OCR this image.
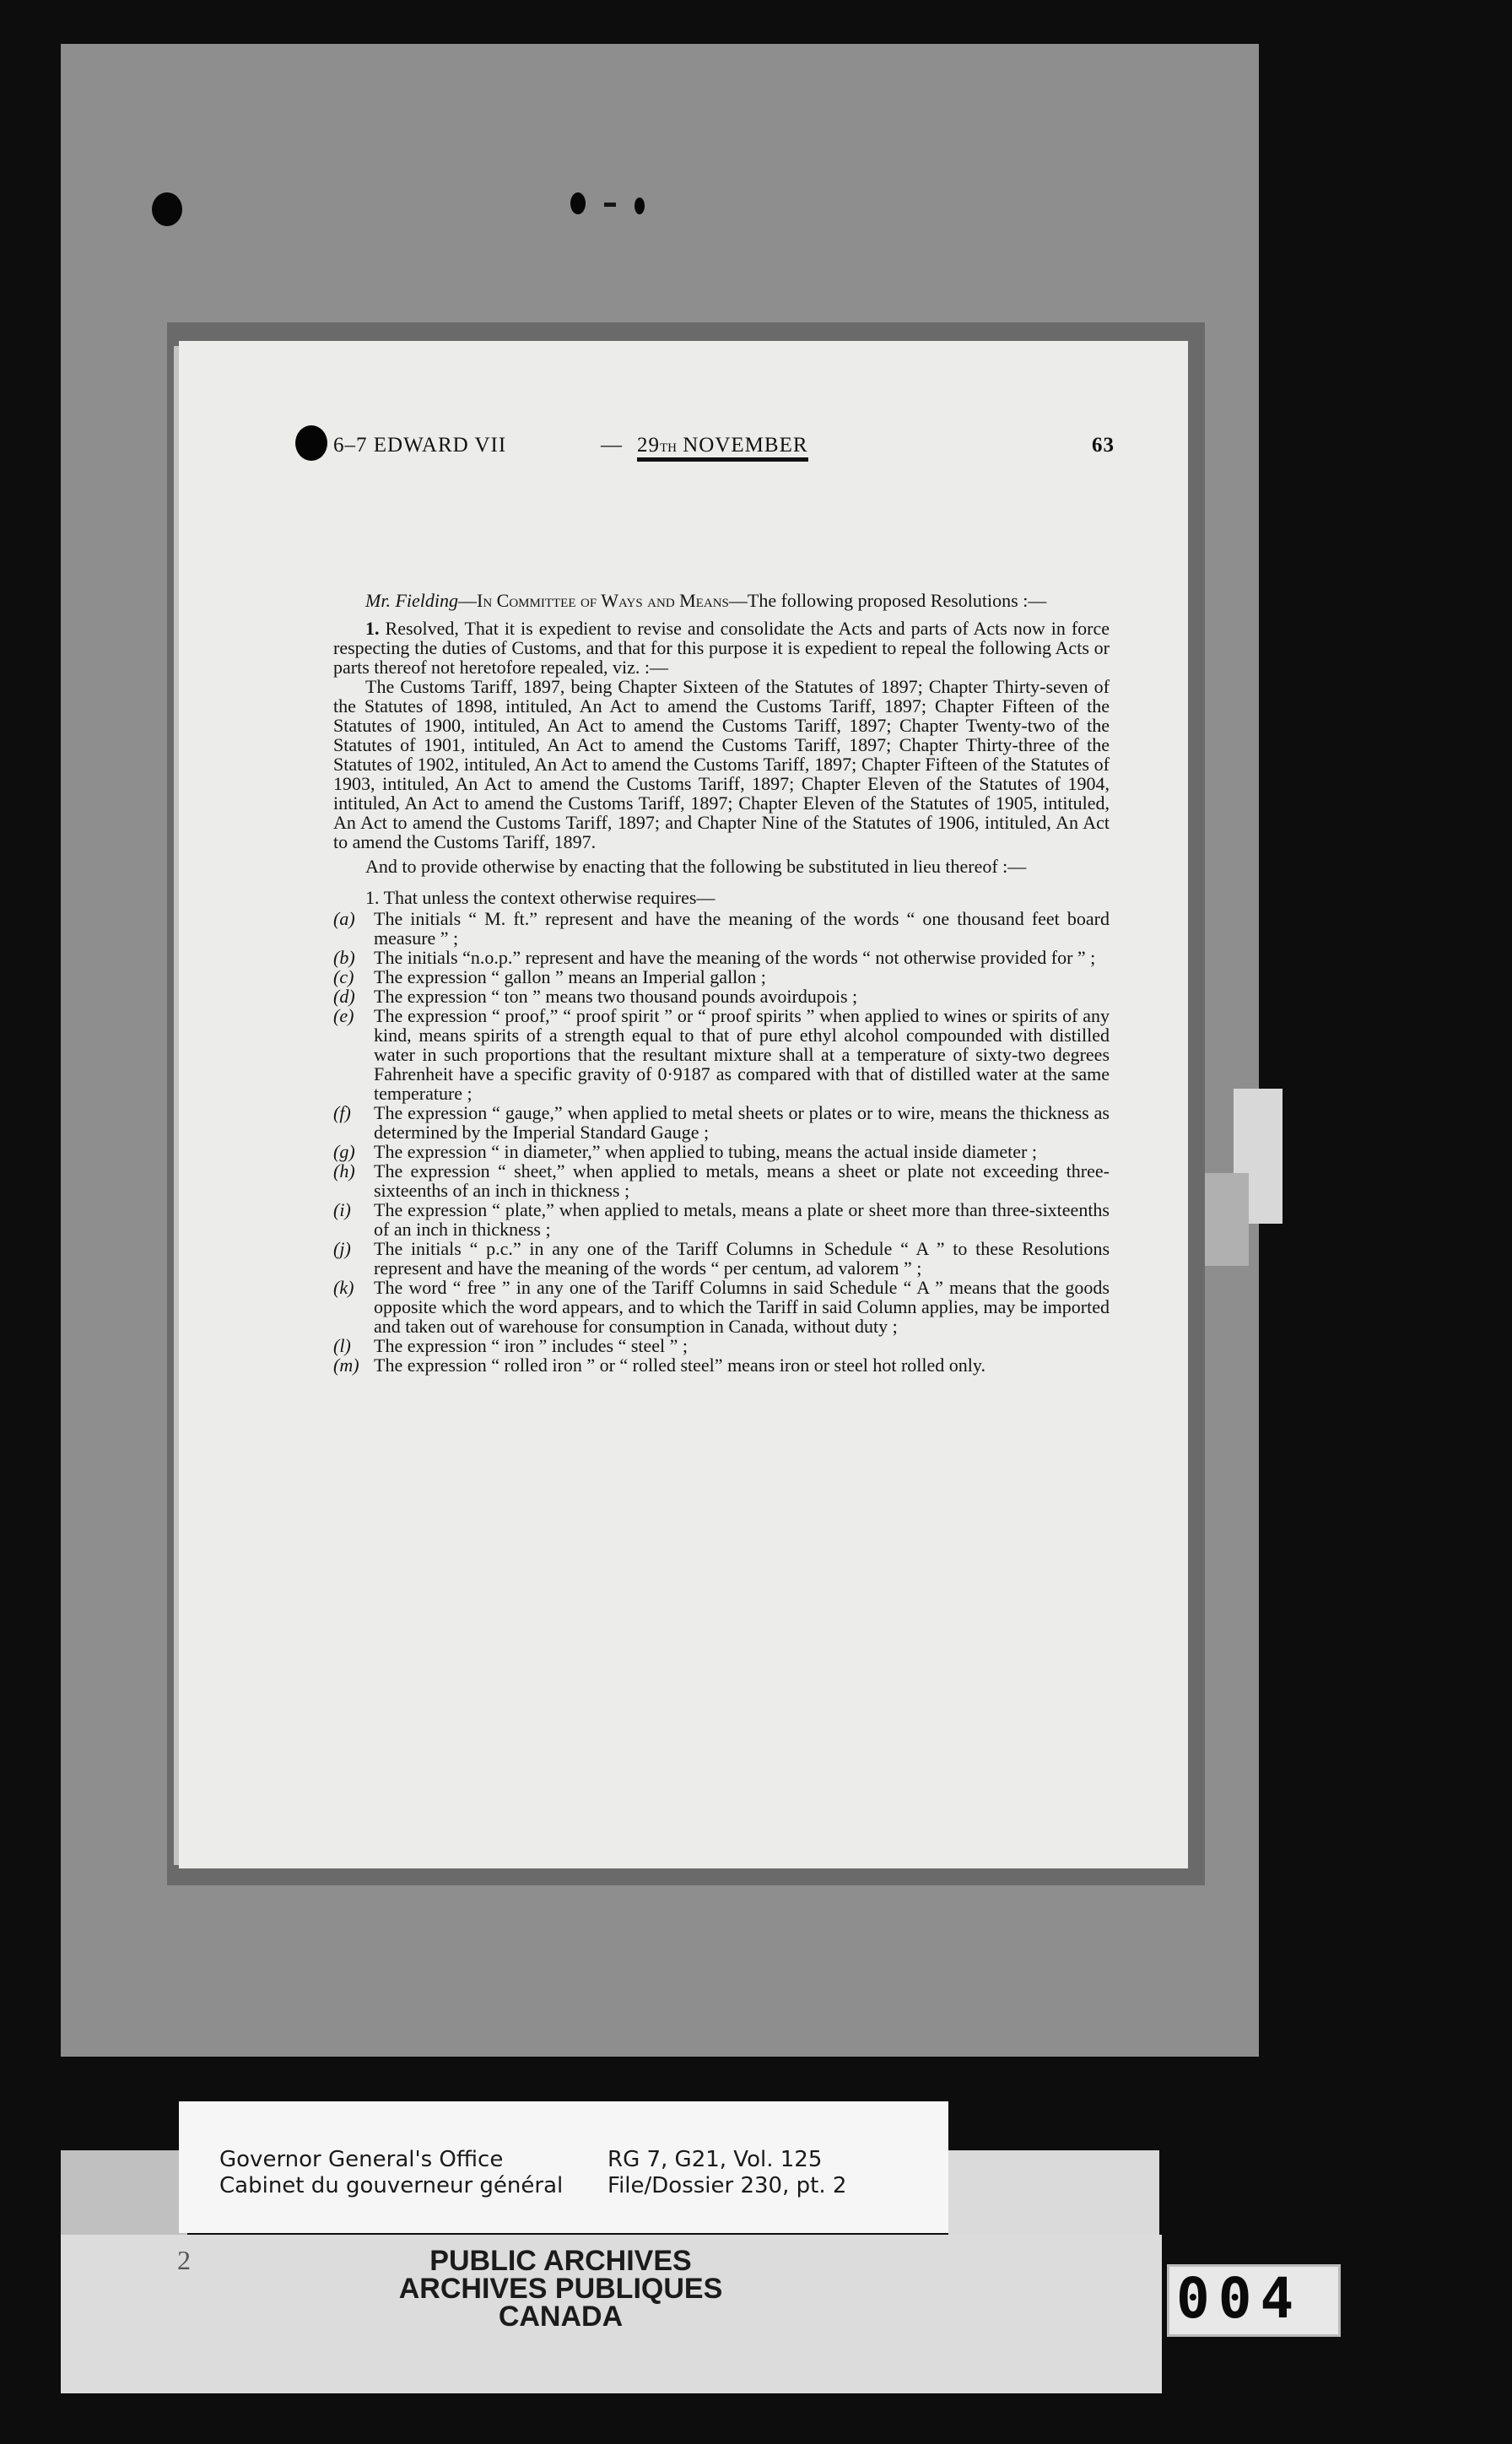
6–7 EDWARD VII	— 29TH NOVEMBER	63

Mr. Fielding—In Committee of Ways and Means—The following proposed Resolutions :—

1. Resolved, That it is expedient to revise and consolidate the Acts and parts of Acts now in force respecting the duties of Customs, and that for this purpose it is expedient to repeal the following Acts or parts thereof not heretofore repealed, viz. :—

The Customs Tariff, 1897, being Chapter Sixteen of the Statutes of 1897; Chapter Thirty-seven of the Statutes of 1898, intituled, An Act to amend the Customs Tariff, 1897; Chapter Fifteen of the Statutes of 1900, intituled, An Act to amend the Customs Tariff, 1897; Chapter Twenty-two of the Statutes of 1901, intituled, An Act to amend the Customs Tariff, 1897; Chapter Thirty-three of the Statutes of 1902, intituled, An Act to amend the Customs Tariff, 1897; Chapter Fifteen of the Statutes of 1903, intituled, An Act to amend the Customs Tariff, 1897; Chapter Eleven of the Statutes of 1904, intituled, An Act to amend the Customs Tariff, 1897; Chapter Eleven of the Statutes of 1905, intituled, An Act to amend the Customs Tariff, 1897; and Chapter Nine of the Statutes of 1906, intituled, An Act to amend the Customs Tariff, 1897.

And to provide otherwise by enacting that the following be substituted in lieu thereof :—

1. That unless the context otherwise requires—

(a)	The initials “ M. ft.” represent and have the meaning of the words “ one thousand feet board measure ” ;
(b)	The initials “n.o.p.” represent and have the meaning of the words “ not otherwise provided for ” ;
(c)	The expression “ gallon ” means an Imperial gallon ;
(d)	The expression “ ton ” means two thousand pounds avoirdupois ;
(e)	The expression “ proof,” “ proof spirit ” or “ proof spirits ” when applied to wines or spirits of any kind, means spirits of a strength equal to that of pure ethyl alcohol compounded with distilled water in such proportions that the resultant mixture shall at a temperature of sixty-two degrees Fahrenheit have a specific gravity of 0·9187 as compared with that of distilled water at the same temperature ;
(f)	The expression “ gauge,” when applied to metal sheets or plates or to wire, means the thickness as determined by the Imperial Standard Gauge ;
(g)	The expression “ in diameter,” when applied to tubing, means the actual inside diameter ;
(h)	The expression “ sheet,” when applied to metals, means a sheet or plate not exceeding three-sixteenths of an inch in thickness ;
(i)	The expression “ plate,” when applied to metals, means a plate or sheet more than three-sixteenths of an inch in thickness ;
(j)	The initials “ p.c.” in any one of the Tariff Columns in Schedule “ A ” to these Resolutions represent and have the meaning of the words “ per centum, ad valorem ” ;
(k)	The word “ free ” in any one of the Tariff Columns in said Schedule “ A ” means that the goods opposite which the word appears, and to which the Tariff in said Column applies, may be imported and taken out of warehouse for consumption in Canada, without duty ;
(l)	The expression “ iron ” includes “ steel ” ;
(m) The expression “ rolled iron ” or “ rolled steel” means iron or steel hot rolled only.
Governor General's Office
Cabinet du gouverneur général
RG 7, G21, Vol. 125
File/Dossier 230, pt. 2
PUBLIC ARCHIVES
ARCHIVES PUBLIQUES
CANADA
2
004
